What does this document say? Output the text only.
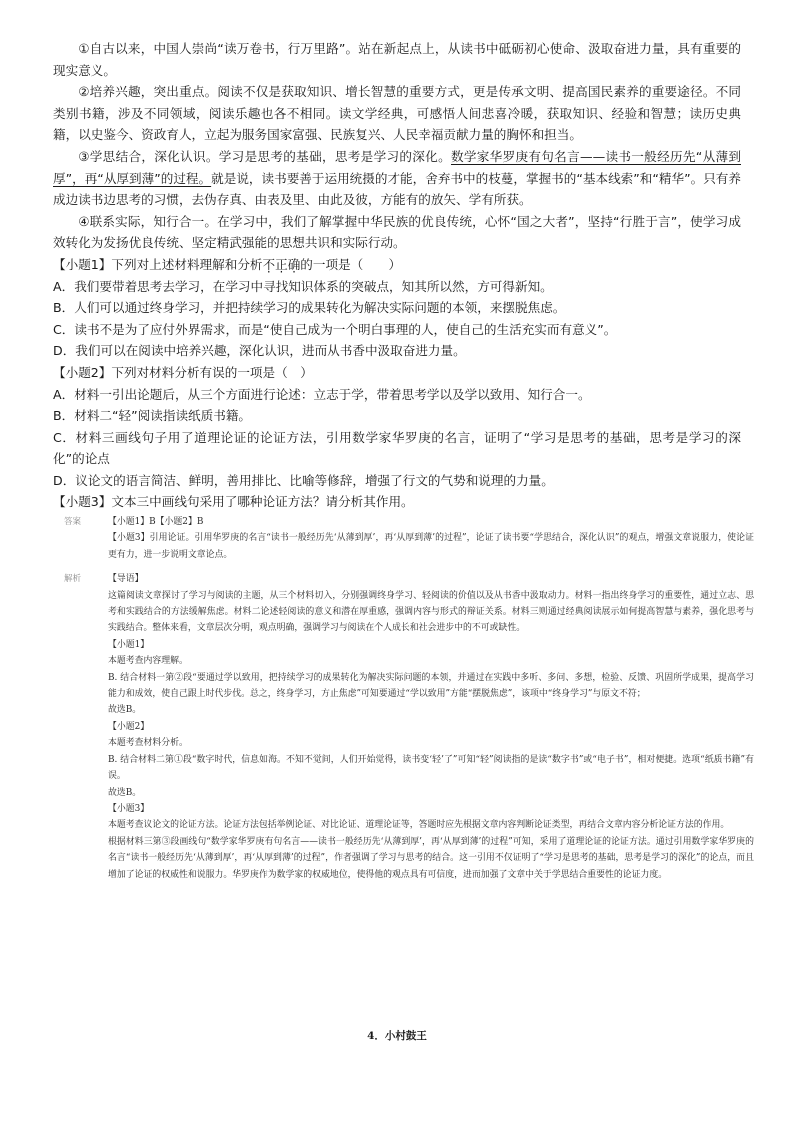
①自古以来，中国人崇尚“读万卷书，行万里路”。站在新起点上，从读书中砥砺初心使命、汲取奋进力量，具有重要的现实意义。

②培养兴趣，突出重点。阅读不仅是获取知识、增长智慧的重要方式，更是传承文明、提高国民素养的重要途径。不同类别书籍，涉及不同领域，阅读乐趣也各不相同。读文学经典，可感悟人间悲喜冷暖，获取知识、经验和智慧；读历史典籍，以史鉴今、资政育人，立起为服务国家富强、民族复兴、人民幸福贡献力量的胸怀和担当。

③学思结合，深化认识。学习是思考的基础，思考是学习的深化。数学家华罗庚有句名言——读书一般经历先“从薄到厚”，再“从厚到薄”的过程。就是说，读书要善于运用统摄的才能，舍弃书中的枝蔓，掌握书的“基本线索”和“精华”。只有养成边读书边思考的习惯，去伪存真、由表及里、由此及彼，方能有的放矢、学有所获。

④联系实际，知行合一。在学习中，我们了解掌握中华民族的优良传统，心怀“国之大者”，坚持“行胜于言”，使学习成效转化为发扬优良传统、坚定精武强能的思想共识和实际行动。

【小题1】下列对上述材料理解和分析不正确的一项是（　　）

A．我们要带着思考去学习，在学习中寻找知识体系的突破点，知其所以然，方可得新知。

B．人们可以通过终身学习，并把持续学习的成果转化为解决实际问题的本领，来摆脱焦虑。

C．读书不是为了应付外界需求，而是“使自己成为一个明白事理的人，使自己的生活充实而有意义”。

D．我们可以在阅读中培养兴趣，深化认识，进而从书香中汲取奋进力量。

【小题2】下列对材料分析有误的一项是（　）

A．材料一引出论题后，从三个方面进行论述：立志于学，带着思考学以及学以致用、知行合一。

B．材料二“轻”阅读指读纸质书籍。

C．材料三画线句子用了道理论证的论证方法，引用数学家华罗庚的名言，证明了“学习是思考的基础，思考是学习的深化”的论点

D．议论文的语言简洁、鲜明，善用排比、比喻等修辞，增强了行文的气势和说理的力量。

【小题3】文本三中画线句采用了哪种论证方法？请分析其作用。

答案	【小题1】B【小题2】B

【小题3】引用论证。引用华罗庚的名言“读书一般经历先‘从薄到厚’，再‘从厚到薄’的过程”，论证了读书要“学思结合，深化认识”的观点，增强文章说服力，使论证更有力，进一步说明文章论点。

解析	【导语】

这篇阅读文章探讨了学习与阅读的主题，从三个材料切入，分别强调终身学习、轻阅读的价值以及从书香中汲取动力。材料一指出终身学习的重要性，通过立志、思考和实践结合的方法缓解焦虑。材料二论述轻阅读的意义和潜在厚重感，强调内容与形式的辩证关系。材料三则通过经典阅读展示如何提高智慧与素养，强化思考与实践结合。整体来看，文章层次分明，观点明确，强调学习与阅读在个人成长和社会进步中的不可或缺性。

【小题1】

本题考查内容理解。

B. 结合材料一第②段“要通过学以致用，把持续学习的成果转化为解决实际问题的本领，并通过在实践中多听、多问、多想，检验、反馈、巩固所学成果，提高学习能力和成效，使自己跟上时代步伐。总之，终身学习，方止焦虑”可知要通过“学以致用”方能“摆脱焦虑”，该项中“终身学习”与原文不符；

故选B。

【小题2】

本题考查材料分析。

B. 结合材料二第①段“数字时代，信息如海。不知不觉间，人们开始觉得，读书变‘轻’了”可知“轻”阅读指的是读“数字书”或“电子书”，相对便捷。选项“纸质书籍”有误。

故选B。

【小题3】

本题考查议论文的论证方法。论证方法包括举例论证、对比论证、道理论证等，答题时应先根据文章内容判断论证类型，再结合文章内容分析论证方法的作用。

根据材料三第③段画线句“数学家华罗庚有句名言——读书一般经历先‘从薄到厚’，再‘从厚到薄’的过程”可知，采用了道理论证的论证方法。通过引用数学家华罗庚的名言“读书一般经历先‘从薄到厚’，再‘从厚到薄’的过程”，作者强调了学习与思考的结合。这一引用不仅证明了“学习是思考的基础，思考是学习的深化”的论点，而且增加了论证的权威性和说服力。华罗庚作为数学家的权威地位，使得他的观点具有可信度，进而加强了文章中关于学思结合重要性的论证力度。

4．小村鼓王
